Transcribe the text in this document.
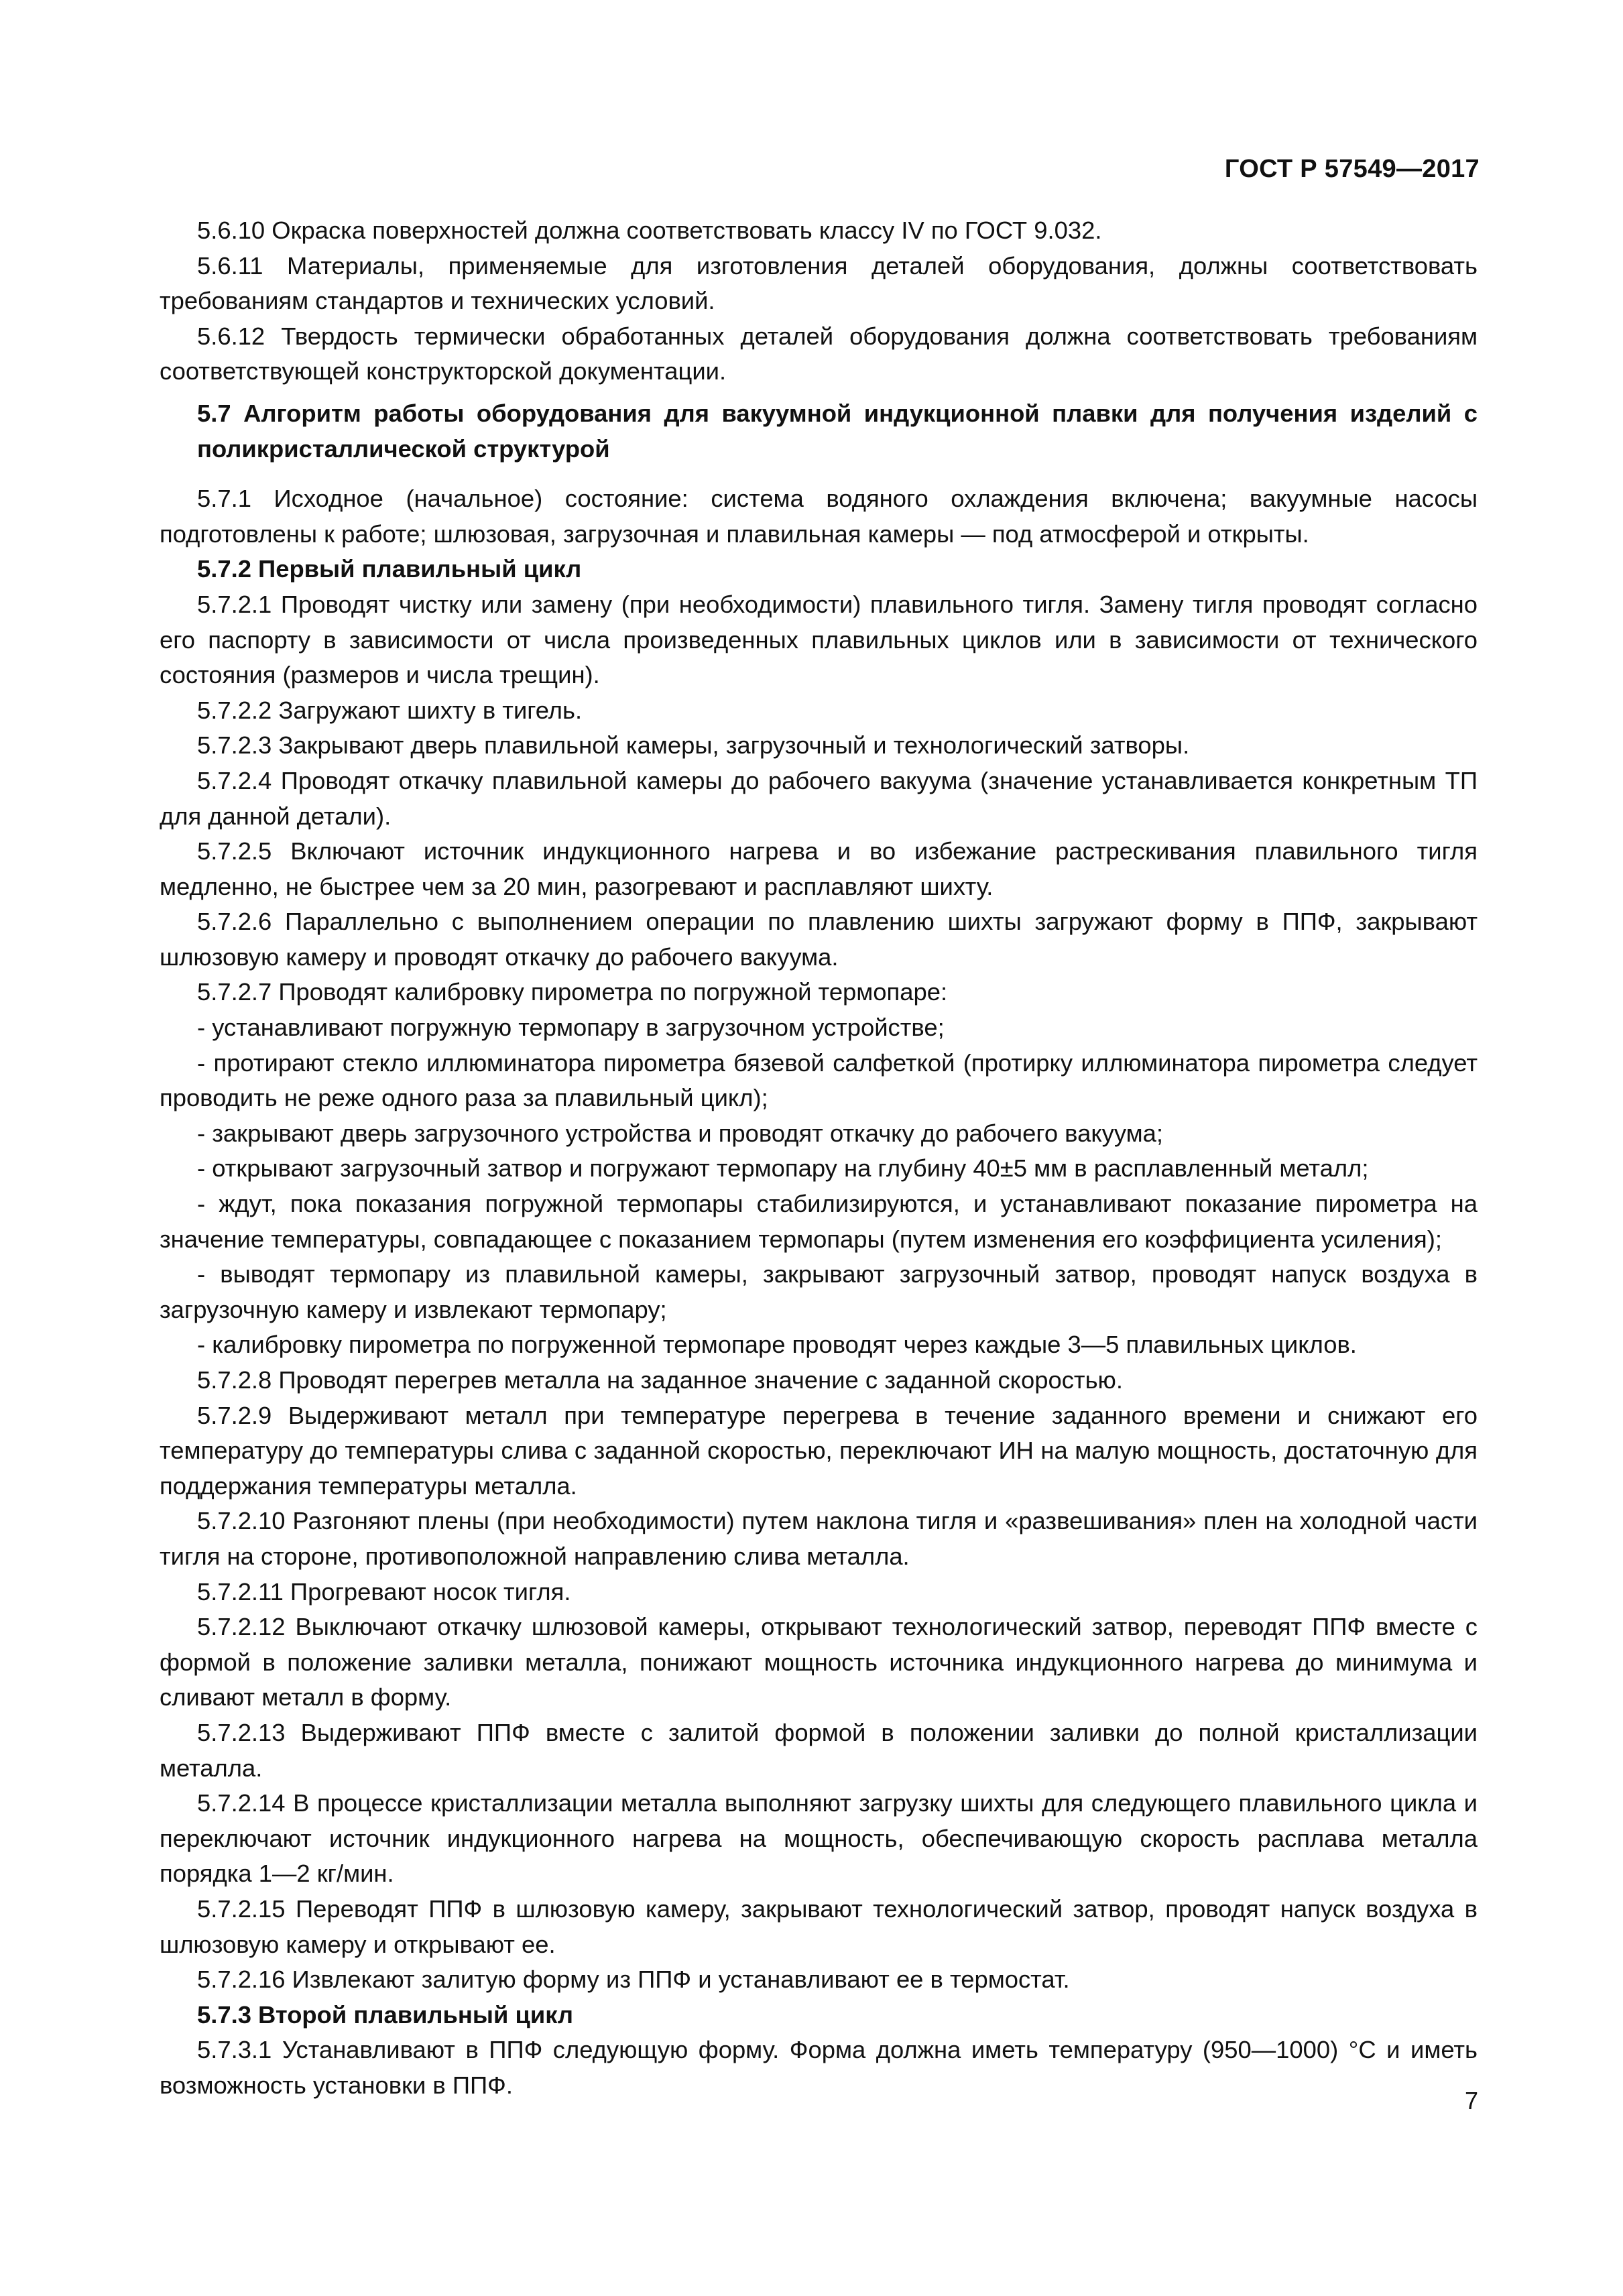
ГОСТ Р 57549—2017

5.6.10 Окраска поверхностей должна соответствовать классу IV по ГОСТ 9.032.

5.6.11 Материалы, применяемые для изготовления деталей оборудования, должны соответствовать требованиям стандартов и технических условий.

5.6.12 Твердость термически обработанных деталей оборудования должна соответствовать требованиям соответствующей конструкторской документации.

5.7 Алгоритм работы оборудования для вакуумной индукционной плавки для получения изделий с поликристаллической структурой

5.7.1 Исходное (начальное) состояние: система водяного охлаждения включена; вакуумные насосы подготовлены к работе; шлюзовая, загрузочная и плавильная камеры — под атмосферой и открыты.

5.7.2 Первый плавильный цикл

5.7.2.1 Проводят чистку или замену (при необходимости) плавильного тигля. Замену тигля проводят согласно его паспорту в зависимости от числа произведенных плавильных циклов или в зависимости от технического состояния (размеров и числа трещин).

5.7.2.2 Загружают шихту в тигель.

5.7.2.3 Закрывают дверь плавильной камеры, загрузочный и технологический затворы.

5.7.2.4 Проводят откачку плавильной камеры до рабочего вакуума (значение устанавливается конкретным ТП для данной детали).

5.7.2.5 Включают источник индукционного нагрева и во избежание растрескивания плавильного тигля медленно, не быстрее чем за 20 мин, разогревают и расплавляют шихту.

5.7.2.6 Параллельно с выполнением операции по плавлению шихты загружают форму в ППФ, закрывают шлюзовую камеру и проводят откачку до рабочего вакуума.

5.7.2.7 Проводят калибровку пирометра по погружной термопаре:

- устанавливают погружную термопару в загрузочном устройстве;

- протирают стекло иллюминатора пирометра бязевой салфеткой (протирку иллюминатора пирометра следует проводить не реже одного раза за плавильный цикл);

- закрывают дверь загрузочного устройства и проводят откачку до рабочего вакуума;

- открывают загрузочный затвор и погружают термопару на глубину 40±5 мм в расплавленный металл;

- ждут, пока показания погружной термопары стабилизируются, и устанавливают показание пирометра на значение температуры, совпадающее с показанием термопары (путем изменения его коэффициента усиления);

- выводят термопару из плавильной камеры, закрывают загрузочный затвор, проводят напуск воздуха в загрузочную камеру и извлекают термопару;

- калибровку пирометра по погруженной термопаре проводят через каждые 3—5 плавильных циклов.

5.7.2.8 Проводят перегрев металла на заданное значение с заданной скоростью.

5.7.2.9 Выдерживают металл при температуре перегрева в течение заданного времени и снижают его температуру до температуры слива с заданной скоростью, переключают ИН на малую мощность, достаточную для поддержания температуры металла.

5.7.2.10 Разгоняют плены (при необходимости) путем наклона тигля и «развешивания» плен на холодной части тигля на стороне, противоположной направлению слива металла.

5.7.2.11 Прогревают носок тигля.

5.7.2.12 Выключают откачку шлюзовой камеры, открывают технологический затвор, переводят ППФ вместе с формой в положение заливки металла, понижают мощность источника индукционного нагрева до минимума и сливают металл в форму.

5.7.2.13 Выдерживают ППФ вместе с залитой формой в положении заливки до полной кристаллизации металла.

5.7.2.14 В процессе кристаллизации металла выполняют загрузку шихты для следующего плавильного цикла и переключают источник индукционного нагрева на мощность, обеспечивающую скорость расплава металла порядка 1—2 кг/мин.

5.7.2.15 Переводят ППФ в шлюзовую камеру, закрывают технологический затвор, проводят напуск воздуха в шлюзовую камеру и открывают ее.

5.7.2.16 Извлекают залитую форму из ППФ и устанавливают ее в термостат.

5.7.3 Второй плавильный цикл

5.7.3.1 Устанавливают в ППФ следующую форму. Форма должна иметь температуру (950—1000) °С и иметь возможность установки в ППФ.

7
